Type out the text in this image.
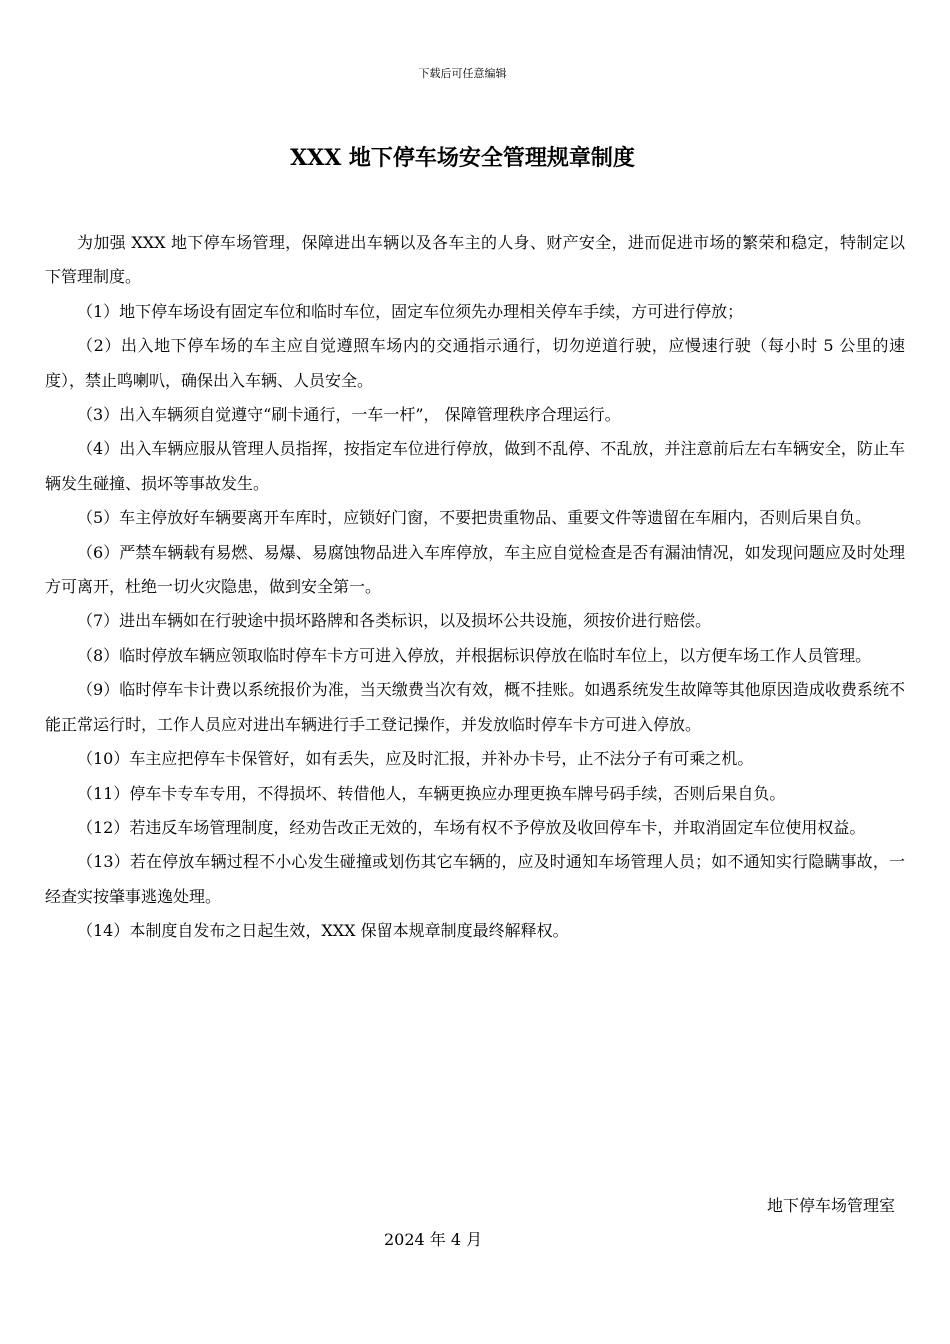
下载后可任意编辑
XXX 地下停车场安全管理规章制度

为加强 XXX 地下停车场管理，保障进出车辆以及各车主的人身、财产安全，进而促进市场的繁荣和稳定，特制定以下管理制度。

（1）地下停车场设有固定车位和临时车位，固定车位须先办理相关停车手续，方可进行停放；

（2）出入地下停车场的车主应自觉遵照车场内的交通指示通行，切勿逆道行驶，应慢速行驶（每小时 5 公里的速度），禁止鸣喇叭，确保出入车辆、人员安全。

（3）出入车辆须自觉遵守“刷卡通行，一车一杆”， 保障管理秩序合理运行。

（4）出入车辆应服从管理人员指挥，按指定车位进行停放，做到不乱停、不乱放，并注意前后左右车辆安全，防止车辆发生碰撞、损坏等事故发生。

（5）车主停放好车辆要离开车库时，应锁好门窗，不要把贵重物品、重要文件等遗留在车厢内，否则后果自负。

（6）严禁车辆载有易燃、易爆、易腐蚀物品进入车库停放，车主应自觉检查是否有漏油情况，如发现问题应及时处理方可离开，杜绝一切火灾隐患，做到安全第一。

（7）进出车辆如在行驶途中损坏路牌和各类标识，以及损坏公共设施，须按价进行赔偿。

（8）临时停放车辆应领取临时停车卡方可进入停放，并根据标识停放在临时车位上，以方便车场工作人员管理。

（9）临时停车卡计费以系统报价为准，当天缴费当次有效，概不挂账。如遇系统发生故障等其他原因造成收费系统不能正常运行时，工作人员应对进出车辆进行手工登记操作，并发放临时停车卡方可进入停放。

（10）车主应把停车卡保管好，如有丢失，应及时汇报，并补办卡号，止不法分子有可乘之机。

（11）停车卡专车专用，不得损坏、转借他人，车辆更换应办理更换车牌号码手续，否则后果自负。

（12）若违反车场管理制度，经劝告改正无效的，车场有权不予停放及收回停车卡，并取消固定车位使用权益。

（13）若在停放车辆过程不小心发生碰撞或划伤其它车辆的，应及时通知车场管理人员；如不通知实行隐瞒事故，一经查实按肇事逃逸处理。

（14）本制度自发布之日起生效，XXX 保留本规章制度最终解释权。

地下停车场管理室
2024 年 4 月
